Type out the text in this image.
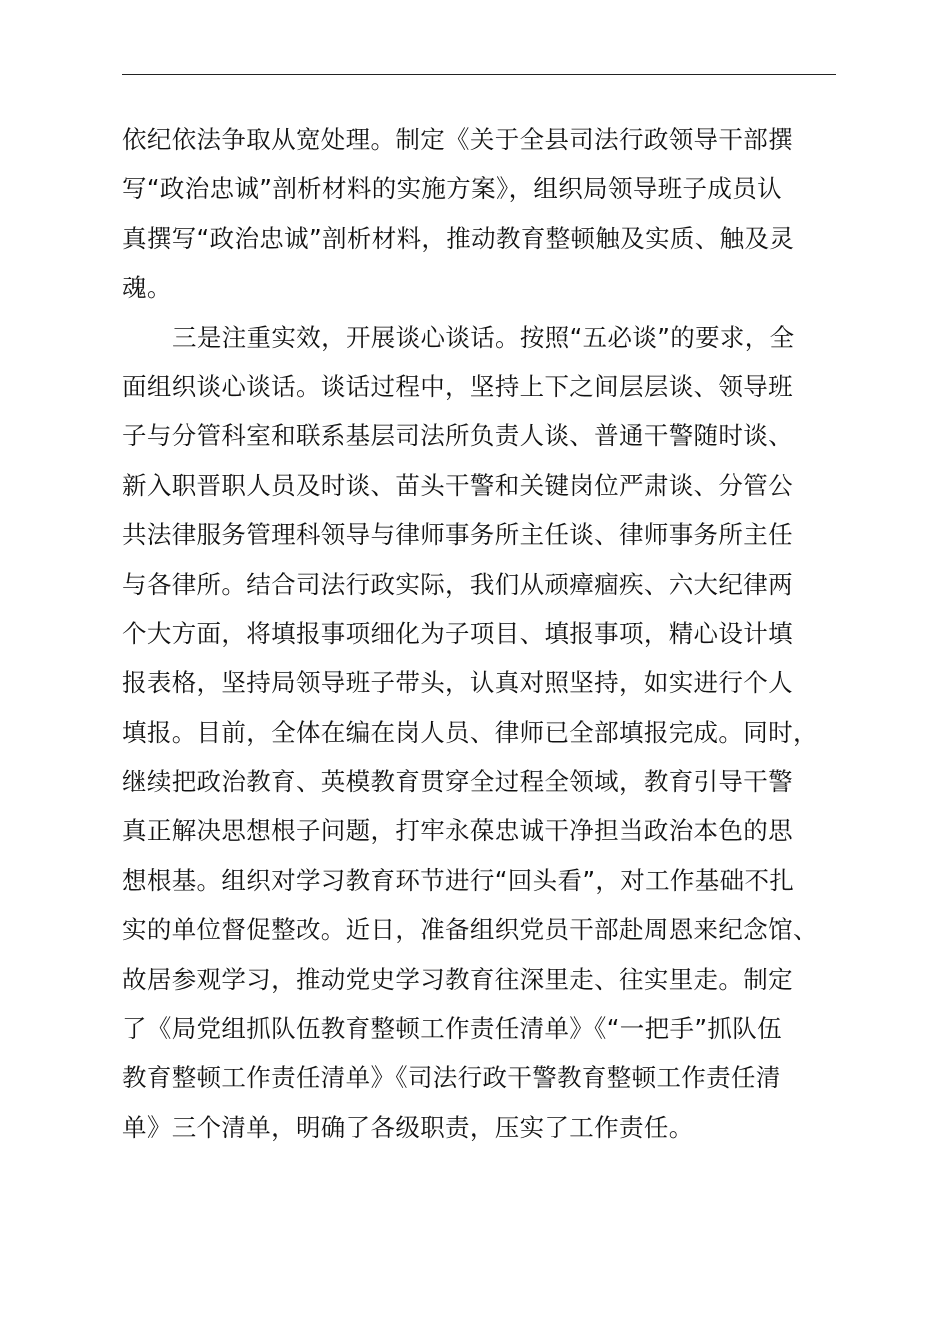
依纪依法争取从宽处理。制定《关于全县司法行政领导干部撰
写“政治忠诚”剖析材料的实施方案》，组织局领导班子成员认
真撰写“政治忠诚”剖析材料，推动教育整顿触及实质、触及灵
魂。
三是注重实效，开展谈心谈话。按照“五必谈”的要求，全
面组织谈心谈话。谈话过程中，坚持上下之间层层谈、领导班
子与分管科室和联系基层司法所负责人谈、普通干警随时谈、
新入职晋职人员及时谈、苗头干警和关键岗位严肃谈、分管公
共法律服务管理科领导与律师事务所主任谈、律师事务所主任
与各律所。结合司法行政实际，我们从顽瘴痼疾、六大纪律两
个大方面，将填报事项细化为子项目、填报事项，精心设计填
报表格，坚持局领导班子带头，认真对照坚持，如实进行个人
填报。目前，全体在编在岗人员、律师已全部填报完成。同时，
继续把政治教育、英模教育贯穿全过程全领域，教育引导干警
真正解决思想根子问题，打牢永葆忠诚干净担当政治本色的思
想根基。组织对学习教育环节进行“回头看”，对工作基础不扎
实的单位督促整改。近日，准备组织党员干部赴周恩来纪念馆、
故居参观学习，推动党史学习教育往深里走、往实里走。制定
了《局党组抓队伍教育整顿工作责任清单》《“一把手”抓队伍
教育整顿工作责任清单》《司法行政干警教育整顿工作责任清
单》三个清单，明确了各级职责，压实了工作责任。
